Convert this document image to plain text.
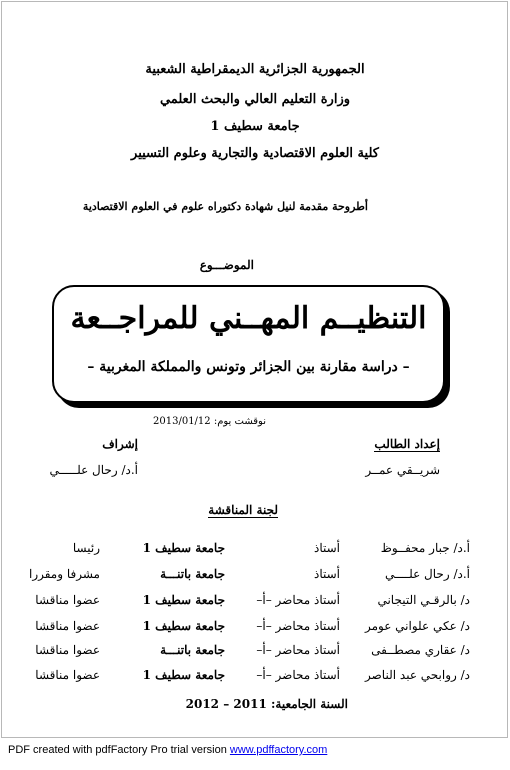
الجمهورية الجزائرية الديمقراطية الشعبية
وزارة التعليم العالي والبحث العلمي
جامعة سطيف 1
كلية العلوم الاقتصادية والتجارية وعلوم التسيير
أطروحة مقدمة لنيل شهادة دكتوراه علوم في العلوم الاقتصادية
الموضـــوع
التنظيــم المهــني للمراجــعة
– دراسة مقارنة بين الجزائر وتونس والمملكة المغربية –
نوقشت يوم: 2013/01/12
إعداد الطالب
شريــقي عمــر
إشراف
أ.د/ رحال علـــــي
لجنة المناقشة
أ.د/ جبار محفــوظ
أستاذ
جامعة سطيف 1
رئيسا
أ.د/ رحال علــــي
أستاذ
جامعة باتنـــة
مشرفا ومقررا
د/ بالرقـي التيجاني
أستاذ محاضر –أ–
جامعة سطيف 1
عضوا مناقشا
د/ عكي علواني عومر
أستاذ محاضر –أ–
جامعة سطيف 1
عضوا مناقشا
د/ عقاري مصطــفى
أستاذ محاضر –أ–
جامعة باتنـــة
عضوا مناقشا
د/ روابحي عبد الناصر
أستاذ محاضر –أ–
جامعة سطيف 1
عضوا مناقشا
السنة الجامعية: 2011 – 2012
PDF created with pdfFactory Pro trial version www.pdffactory.com
